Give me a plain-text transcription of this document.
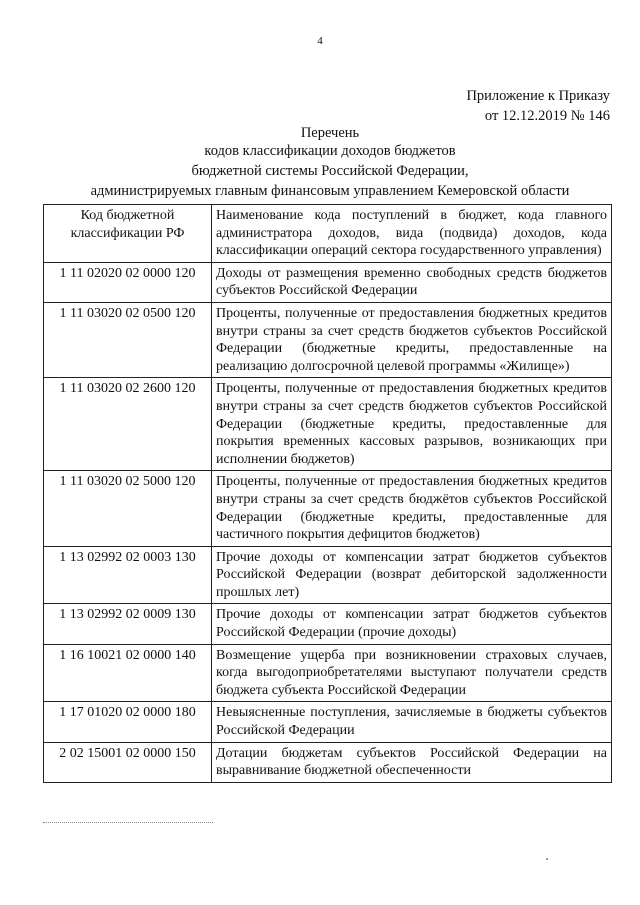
4
Приложение к Приказу
от 12.12.2019 № 146
Перечень
кодов классификации доходов бюджетов
бюджетной системы Российской Федерации,
администрируемых главным финансовым управлением Кемеровской области
Код бюджетной классификации РФ	Наименование кода поступлений в бюджет, кода главного администратора доходов, вида (подвида) доходов, кода классификации операций сектора государственного управления)
1 11 02020 02 0000 120	Доходы от размещения временно свободных средств бюджетов субъектов Российской Федерации
1 11 03020 02 0500 120	Проценты, полученные от предоставления бюджетных кредитов внутри страны за счет средств бюджетов субъектов Российской Федерации (бюджетные кредиты, предоставленные на реализацию долгосрочной целевой программы «Жилище»)
1 11 03020 02 2600 120	Проценты, полученные от предоставления бюджетных кредитов внутри страны за счет средств бюджетов субъектов Российской Федерации (бюджетные кредиты, предоставленные для покрытия временных кассовых разрывов, возникающих при исполнении бюджетов)
1 11 03020 02 5000 120	Проценты, полученные от предоставления бюджетных кредитов внутри страны за счет средств бюджётов субъектов Российской Федерации (бюджетные кредиты, предоставленные для частичного покрытия дефицитов бюджетов)
1 13 02992 02 0003 130	Прочие доходы от компенсации затрат бюджетов субъектов Российской Федерации (возврат дебиторской задолженности прошлых лет)
1 13 02992 02 0009 130	Прочие доходы от компенсации затрат бюджетов субъектов Российской Федерации (прочие доходы)
1 16 10021 02 0000 140	Возмещение ущерба при возникновении страховых случаев, когда выгодоприобретателями выступают получатели средств бюджета субъекта Российской Федерации
1 17 01020 02 0000 180	Невыясненные поступления, зачисляемые в бюджеты субъектов Российской Федерации
2 02 15001 02 0000 150	Дотации бюджетам субъектов Российской Федерации на выравнивание бюджетной обеспеченности
